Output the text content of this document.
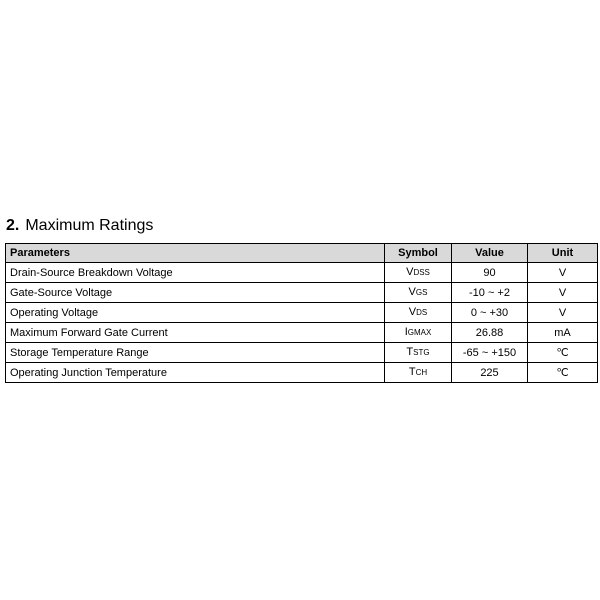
2. Maximum Ratings
Parameters	Symbol	Value	Unit
Drain-Source Breakdown Voltage	VDSS	90	V
Gate-Source Voltage	VGS	-10 ~ +2	V
Operating Voltage	VDS	0 ~ +30	V
Maximum Forward Gate Current	IGMAX	26.88	mA
Storage Temperature Range	TSTG	-65 ~ +150	℃
Operating Junction Temperature	TCH	225	℃
